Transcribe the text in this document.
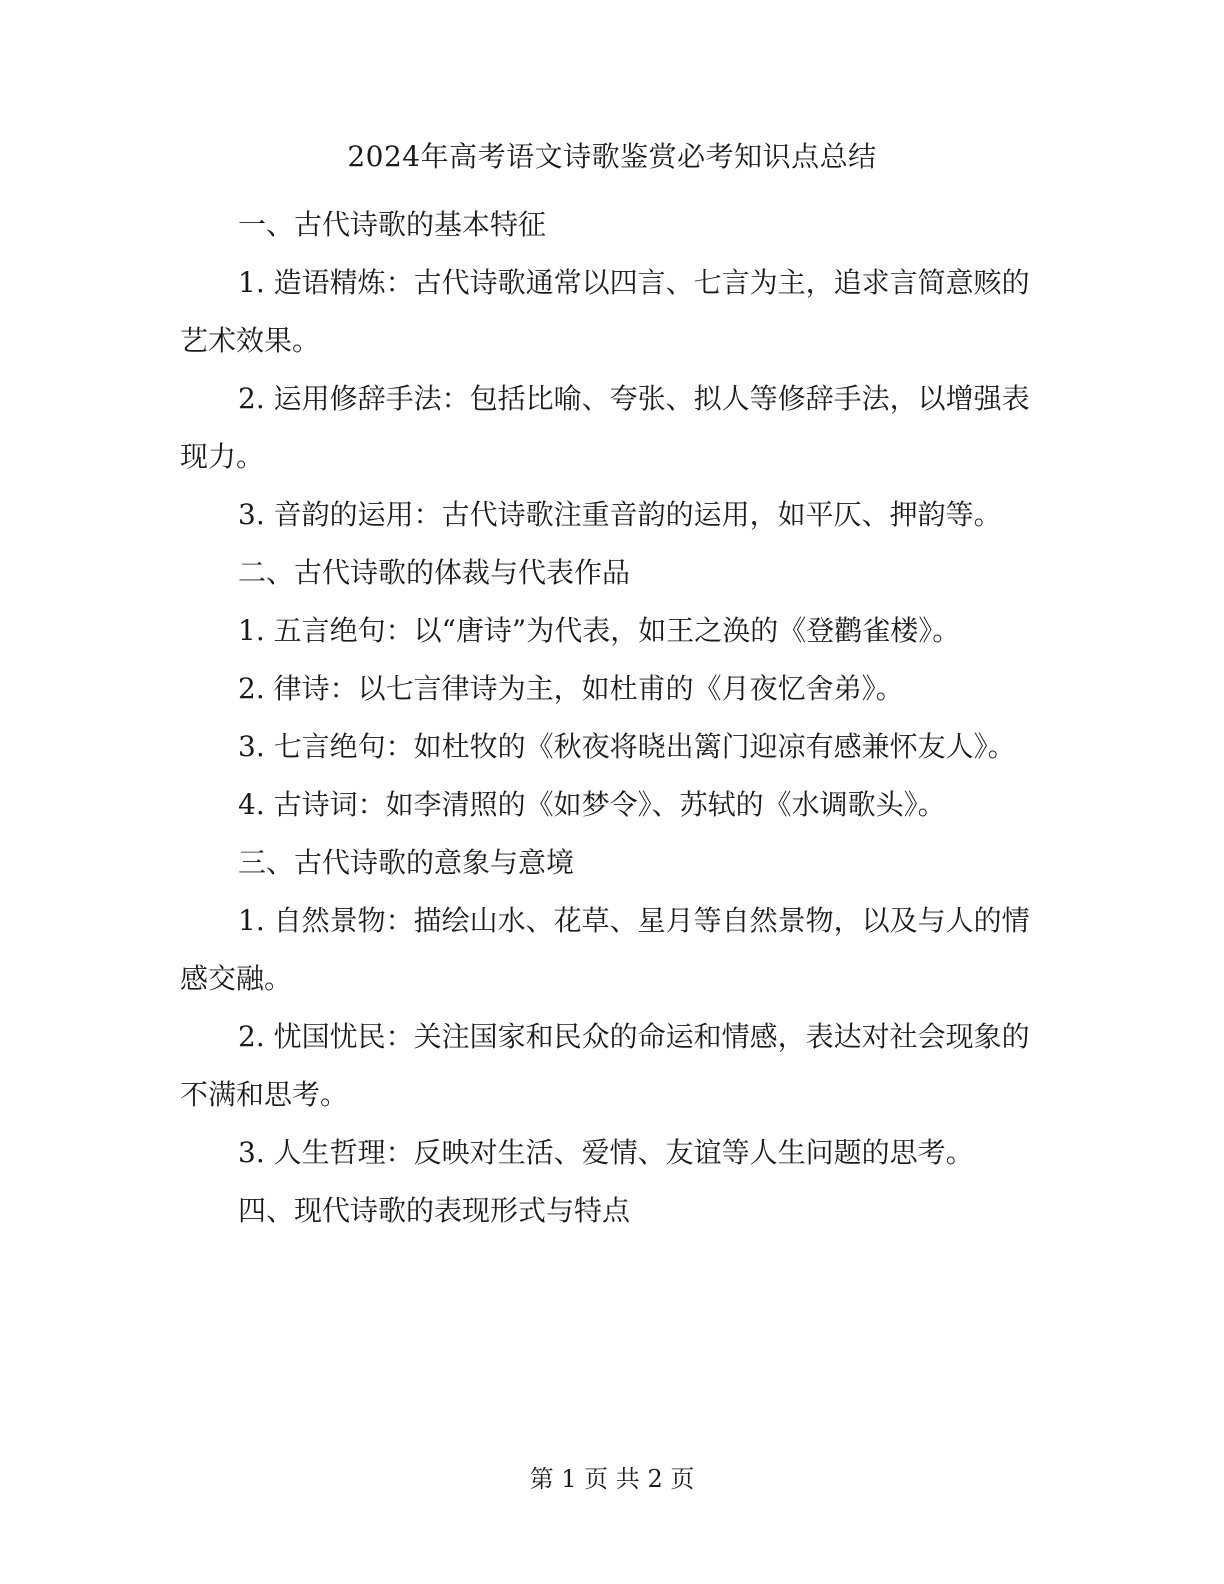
2024年高考语文诗歌鉴赏必考知识点总结

一、古代诗歌的基本特征

1. 造语精炼：古代诗歌通常以四言、七言为主，追求言简意赅的艺术效果。

2. 运用修辞手法：包括比喻、夸张、拟人等修辞手法，以增强表现力。

3. 音韵的运用：古代诗歌注重音韵的运用，如平仄、押韵等。

二、古代诗歌的体裁与代表作品

1. 五言绝句：以“唐诗”为代表，如王之涣的《登鹳雀楼》。

2. 律诗：以七言律诗为主，如杜甫的《月夜忆舍弟》。

3. 七言绝句：如杜牧的《秋夜将晓出篱门迎凉有感兼怀友人》。

4. 古诗词：如李清照的《如梦令》、苏轼的《水调歌头》。

三、古代诗歌的意象与意境

1. 自然景物：描绘山水、花草、星月等自然景物，以及与人的情感交融。

2. 忧国忧民：关注国家和民众的命运和情感，表达对社会现象的不满和思考。

3. 人生哲理：反映对生活、爱情、友谊等人生问题的思考。

四、现代诗歌的表现形式与特点

第 1 页 共 2 页
